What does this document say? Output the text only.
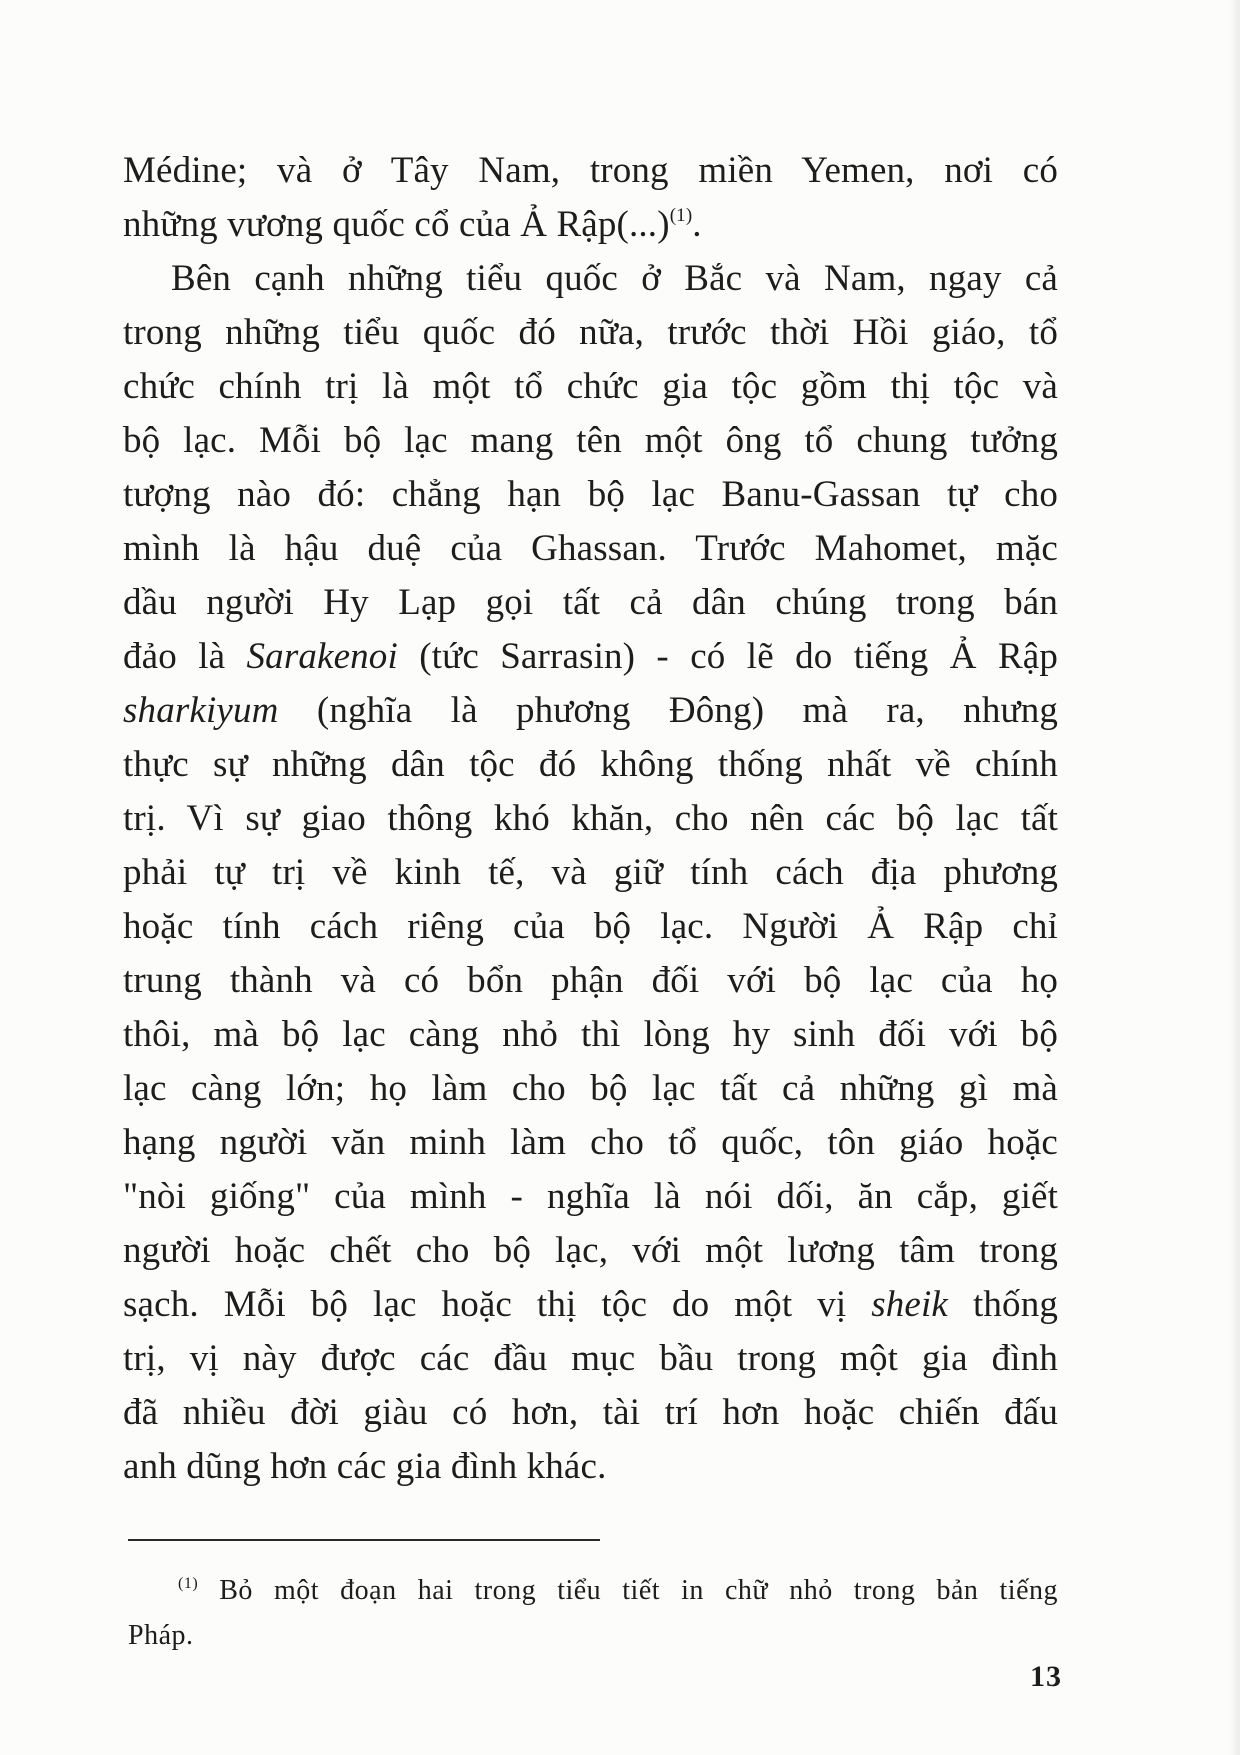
Médine; và ở Tây Nam, trong miền Yemen, nơi có
những vương quốc cổ của Ả Rập(...)$^{(1)}$.
Bên cạnh những tiểu quốc ở Bắc và Nam, ngay cả
trong những tiểu quốc đó nữa, trước thời Hồi giáo, tổ
chức chính trị là một tổ chức gia tộc gồm thị tộc và
bộ lạc. Mỗi bộ lạc mang tên một ông tổ chung tưởng
tượng nào đó: chẳng hạn bộ lạc Banu-Gassan tự cho
mình là hậu duệ của Ghassan. Trước Mahomet, mặc
dầu người Hy Lạp gọi tất cả dân chúng trong bán
đảo là Sarakenoi (tức Sarrasin) - có lẽ do tiếng Ả Rập
sharkiyum (nghĩa là phương Đông) mà ra, nhưng
thực sự những dân tộc đó không thống nhất về chính
trị. Vì sự giao thông khó khăn, cho nên các bộ lạc tất
phải tự trị về kinh tế, và giữ tính cách địa phương
hoặc tính cách riêng của bộ lạc. Người Ả Rập chỉ
trung thành và có bổn phận đối với bộ lạc của họ
thôi, mà bộ lạc càng nhỏ thì lòng hy sinh đối với bộ
lạc càng lớn; họ làm cho bộ lạc tất cả những gì mà
hạng người văn minh làm cho tổ quốc, tôn giáo hoặc
"nòi giống" của mình - nghĩa là nói dối, ăn cắp, giết
người hoặc chết cho bộ lạc, với một lương tâm trong
sạch. Mỗi bộ lạc hoặc thị tộc do một vị sheik thống
trị, vị này được các đầu mục bầu trong một gia đình
đã nhiều đời giàu có hơn, tài trí hơn hoặc chiến đấu
anh dũng hơn các gia đình khác.
$^{(1)}$ Bỏ một đoạn hai trong tiểu tiết in chữ nhỏ trong bản tiếng
Pháp.
13
